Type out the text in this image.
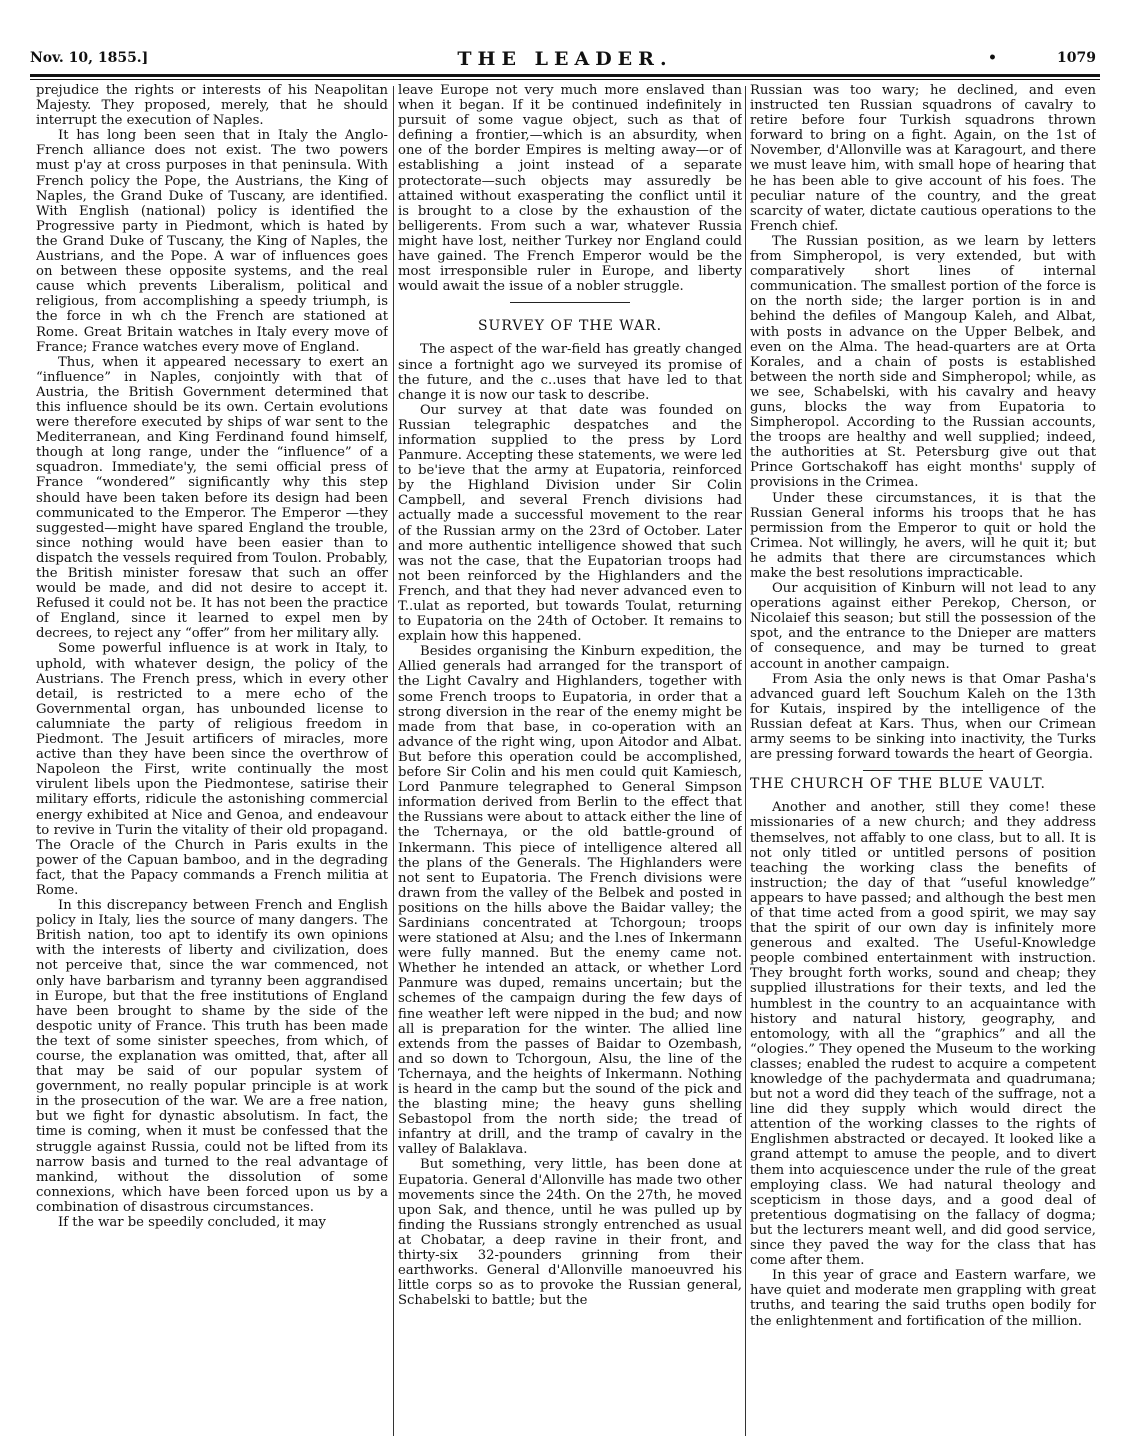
Nov. 10, 1855.]	THE LEADER.	•	1079

prejudice the rights or interests of his Neapolitan Majesty. They proposed, merely, that he should interrupt the execution of Naples.

It has long been seen that in Italy the Anglo-French alliance does not exist. The two powers must p'ay at cross purposes in that peninsula. With French policy the Pope, the Austrians, the King of Naples, the Grand Duke of Tuscany, are identified. With English (national) policy is identified the Progressive party in Piedmont, which is hated by the Grand Duke of Tuscany, the King of Naples, the Austrians, and the Pope. A war of influences goes on between these opposite systems, and the real cause which prevents Liberalism, political and religious, from accomplishing a speedy triumph, is the force in wh ch the French are stationed at Rome. Great Britain watches in Italy every move of France; France watches every move of England.

Thus, when it appeared necessary to exert an “influence” in Naples, conjointly with that of Austria, the British Government determined that this influence should be its own. Certain evolutions were therefore executed by ships of war sent to the Mediterranean, and King Ferdinand found himself, though at long range, under the “influence” of a squadron. Immediate'y, the semi official press of France “wondered” significantly why this step should have been taken before its design had been communicated to the Emperor. The Emperor —they suggested—might have spared England the trouble, since nothing would have been easier than to dispatch the vessels required from Toulon. Probably, the British minister foresaw that such an offer would be made, and did not desire to accept it. Refused it could not be. It has not been the practice of England, since it learned to expel men by decrees, to reject any “offer” from her military ally.

Some powerful influence is at work in Italy, to uphold, with whatever design, the policy of the Austrians. The French press, which in every other detail, is restricted to a mere echo of the Governmental organ, has unbounded license to calumniate the party of religious freedom in Piedmont. The Jesuit artificers of miracles, more active than they have been since the overthrow of Napoleon the First, write continually the most virulent libels upon the Piedmontese, satirise their military efforts, ridicule the astonishing commercial energy exhibited at Nice and Genoa, and endeavour to revive in Turin the vitality of their old propagand. The Oracle of the Church in Paris exults in the power of the Capuan bamboo, and in the degrading fact, that the Papacy commands a French militia at Rome.

In this discrepancy between French and English policy in Italy, lies the source of many dangers. The British nation, too apt to identify its own opinions with the interests of liberty and civilization, does not perceive that, since the war commenced, not only have barbarism and tyranny been aggrandised in Europe, but that the free institutions of England have been brought to shame by the side of the despotic unity of France. This truth has been made the text of some sinister speeches, from which, of course, the explanation was omitted, that, after all that may be said of our popular system of government, no really popular principle is at work in the prosecution of the war. We are a free nation, but we fight for dynastic absolutism. In fact, the time is coming, when it must be confessed that the struggle against Russia, could not be lifted from its narrow basis and turned to the real advantage of mankind, without the dissolution of some connexions, which have been forced upon us by a combination of disastrous circumstances.

If the war be speedily concluded, it may

leave Europe not very much more enslaved than when it began. If it be continued indefinitely in pursuit of some vague object, such as that of defining a frontier,—which is an absurdity, when one of the border Empires is melting away—or of establishing a joint instead of a separate protectorate—such objects may assuredly be attained without exasperating the conflict until it is brought to a close by the exhaustion of the belligerents. From such a war, whatever Russia might have lost, neither Turkey nor England could have gained. The French Emperor would be the most irresponsible ruler in Europe, and liberty would await the issue of a nobler struggle.

SURVEY OF THE WAR.

The aspect of the war-field has greatly changed since a fortnight ago we surveyed its promise of the future, and the c..uses that have led to that change it is now our task to describe.

Our survey at that date was founded on Russian telegraphic despatches and the information supplied to the press by Lord Panmure. Accepting these statements, we were led to be'ieve that the army at Eupatoria, reinforced by the Highland Division under Sir Colin Campbell, and several French divisions had actually made a successful movement to the rear of the Russian army on the 23rd of October. Later and more authentic intelligence showed that such was not the case, that the Eupatorian troops had not been reinforced by the Highlanders and the French, and that they had never advanced even to T..ulat as reported, but towards Toulat, returning to Eupatoria on the 24th of October. It remains to explain how this happened.

Besides organising the Kinburn expedition, the Allied generals had arranged for the transport of the Light Cavalry and Highlanders, together with some French troops to Eupatoria, in order that a strong diversion in the rear of the enemy might be made from that base, in co-operation with an advance of the right wing, upon Aitodor and Albat. But before this operation could be accomplished, before Sir Colin and his men could quit Kamiesch, Lord Panmure telegraphed to General Simpson information derived from Berlin to the effect that the Russians were about to attack either the line of the Tchernaya, or the old battle-ground of Inkermann. This piece of intelligence altered all the plans of the Generals. The Highlanders were not sent to Eupatoria. The French divisions were drawn from the valley of the Belbek and posted in positions on the hills above the Baidar valley; the Sardinians concentrated at Tchorgoun; troops were stationed at Alsu; and the l.nes of Inkermann were fully manned. But the enemy came not. Whether he intended an attack, or whether Lord Panmure was duped, remains uncertain; but the schemes of the campaign during the few days of fine weather left were nipped in the bud; and now all is preparation for the winter. The allied line extends from the passes of Baidar to Ozembash, and so down to Tchorgoun, Alsu, the line of the Tchernaya, and the heights of Inkermann. Nothing is heard in the camp but the sound of the pick and the blasting mine; the heavy guns shelling Sebastopol from the north side; the tread of infantry at drill, and the tramp of cavalry in the valley of Balaklava.

But something, very little, has been done at Eupatoria. General d'Allonville has made two other movements since the 24th. On the 27th, he moved upon Sak, and thence, until he was pulled up by finding the Russians strongly entrenched as usual at Chobatar, a deep ravine in their front, and thirty-six 32-pounders grinning from their earthworks. General d'Allonville manoeuvred his little corps so as to provoke the Russian general, Schabelski to battle; but the

Russian was too wary; he declined, and even instructed ten Russian squadrons of cavalry to retire before four Turkish squadrons thrown forward to bring on a fight. Again, on the 1st of November, d'Allonville was at Karagourt, and there we must leave him, with small hope of hearing that he has been able to give account of his foes. The peculiar nature of the country, and the great scarcity of water, dictate cautious operations to the French chief.

The Russian position, as we learn by letters from Simpheropol, is very extended, but with comparatively short lines of internal communication. The smallest portion of the force is on the north side; the larger portion is in and behind the defiles of Mangoup Kaleh, and Albat, with posts in advance on the Upper Belbek, and even on the Alma. The head-quarters are at Orta Korales, and a chain of posts is established between the north side and Simpheropol; while, as we see, Schabelski, with his cavalry and heavy guns, blocks the way from Eupatoria to Simpheropol. According to the Russian accounts, the troops are healthy and well supplied; indeed, the authorities at St. Petersburg give out that Prince Gortschakoff has eight months' supply of provisions in the Crimea.

Under these circumstances, it is that the Russian General informs his troops that he has permission from the Emperor to quit or hold the Crimea. Not willingly, he avers, will he quit it; but he admits that there are circumstances which make the best resolutions impracticable.

Our acquisition of Kinburn will not lead to any operations against either Perekop, Cherson, or Nicolaief this season; but still the possession of the spot, and the entrance to the Dnieper are matters of consequence, and may be turned to great account in another campaign.

From Asia the only news is that Omar Pasha's advanced guard left Souchum Kaleh on the 13th for Kutais, inspired by the intelligence of the Russian defeat at Kars. Thus, when our Crimean army seems to be sinking into inactivity, the Turks are pressing forward towards the heart of Georgia.

THE CHURCH OF THE BLUE VAULT.

Another and another, still they come! these missionaries of a new church; and they address themselves, not affably to one class, but to all. It is not only titled or untitled persons of position teaching the working class the benefits of instruction; the day of that “useful knowledge” appears to have passed; and although the best men of that time acted from a good spirit, we may say that the spirit of our own day is infinitely more generous and exalted. The Useful-Knowledge people combined entertainment with instruction. They brought forth works, sound and cheap; they supplied illustrations for their texts, and led the humblest in the country to an acquaintance with history and natural history, geography, and entomology, with all the “graphics” and all the “ologies.” They opened the Museum to the working classes; enabled the rudest to acquire a competent knowledge of the pachydermata and quadrumana; but not a word did they teach of the suffrage, not a line did they supply which would direct the attention of the working classes to the rights of Englishmen abstracted or decayed. It looked like a grand attempt to amuse the people, and to divert them into acquiescence under the rule of the great employing class. We had natural theology and scepticism in those days, and a good deal of pretentious dogmatising on the fallacy of dogma; but the lecturers meant well, and did good service, since they paved the way for the class that has come after them.

In this year of grace and Eastern warfare, we have quiet and moderate men grappling with great truths, and tearing the said truths open bodily for the enlightenment and fortification of the million.
